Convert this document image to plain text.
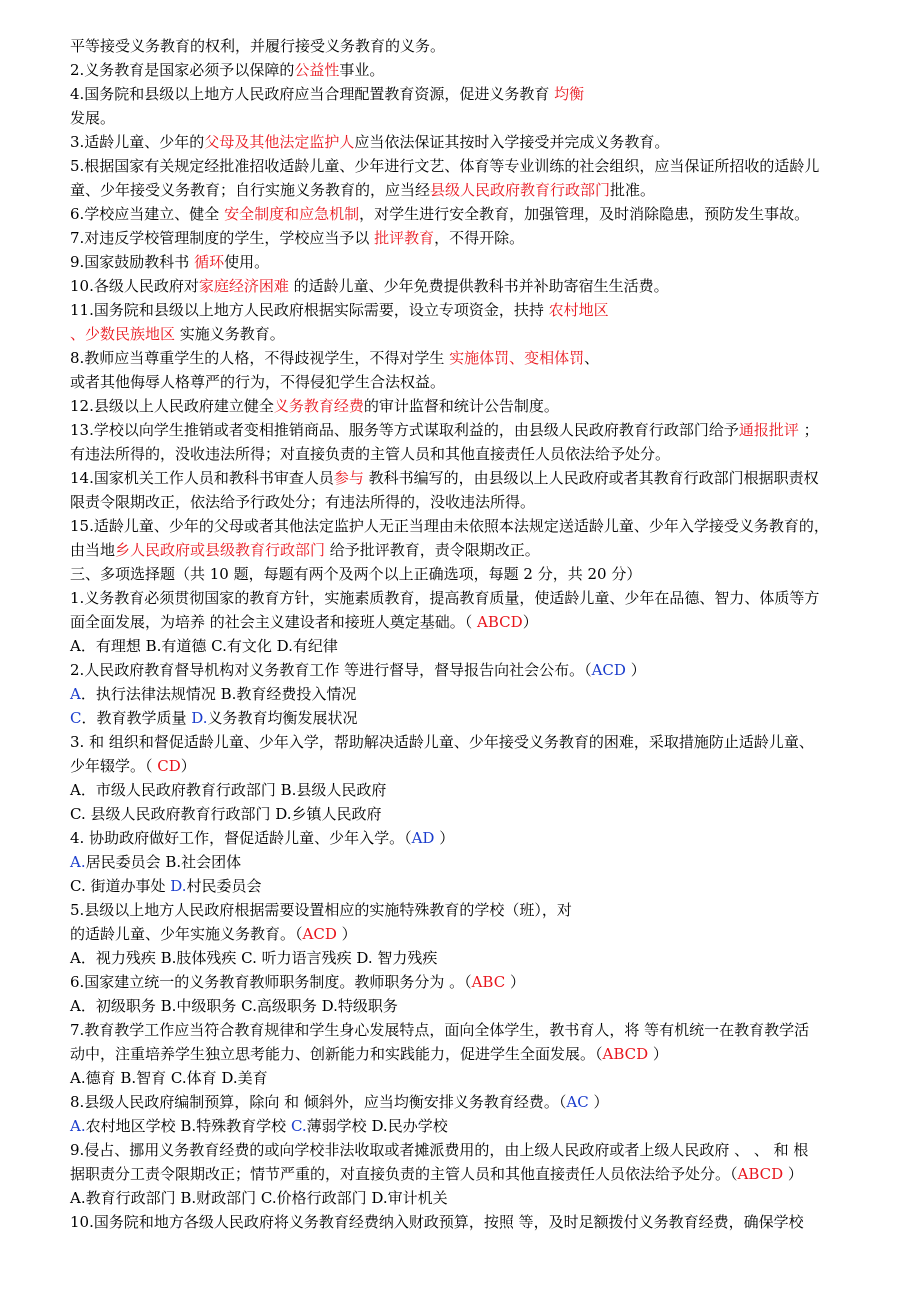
平等接受义务教育的权利，并履行接受义务教育的义务。

2.义务教育是国家必须予以保障的公益性事业。

4.国务院和县级以上地方人民政府应当合理配置教育资源，促进义务教育 均衡

发展。

3.适龄儿童、少年的父母及其他法定监护人应当依法保证其按时入学接受并完成义务教育。

5.根据国家有关规定经批准招收适龄儿童、少年进行文艺、体育等专业训练的社会组织，应当保证所招收的适龄儿

童、少年接受义务教育；自行实施义务教育的，应当经县级人民政府教育行政部门批准。

6.学校应当建立、健全 安全制度和应急机制，对学生进行安全教育，加强管理，及时消除隐患，预防发生事故。

7.对违反学校管理制度的学生，学校应当予以 批评教育，不得开除。

9.国家鼓励教科书 循环使用。

10.各级人民政府对家庭经济困难 的适龄儿童、少年免费提供教科书并补助寄宿生生活费。

11.国务院和县级以上地方人民政府根据实际需要，设立专项资金，扶持 农村地区

、少数民族地区 实施义务教育。

8.教师应当尊重学生的人格，不得歧视学生，不得对学生 实施体罚、变相体罚、

或者其他侮辱人格尊严的行为，不得侵犯学生合法权益。

12.县级以上人民政府建立健全义务教育经费的审计监督和统计公告制度。

13.学校以向学生推销或者变相推销商品、服务等方式谋取利益的，由县级人民政府教育行政部门给予通报批评 ；

有违法所得的，没收违法所得；对直接负责的主管人员和其他直接责任人员依法给予处分。

14.国家机关工作人员和教科书审查人员参与 教科书编写的，由县级以上人民政府或者其教育行政部门根据职责权

限责令限期改正，依法给予行政处分；有违法所得的，没收违法所得。

15.适龄儿童、少年的父母或者其他法定监护人无正当理由未依照本法规定送适龄儿童、少年入学接受义务教育的，

由当地乡人民政府或县级教育行政部门 给予批评教育，责令限期改正。

三、多项选择题（共 10 题，每题有两个及两个以上正确选项，每题 2 分，共 20 分）

1.义务教育必须贯彻国家的教育方针，实施素质教育，提高教育质量，使适龄儿童、少年在品德、智力、体质等方

面全面发展，为培养 的社会主义建设者和接班人奠定基础。（ ABCD）

A．有理想 B.有道德 C.有文化 D.有纪律

2.人民政府教育督导机构对义务教育工作 等进行督导，督导报告向社会公布。（ACD ）

A．执行法律法规情况 B.教育经费投入情况

C．教育教学质量 D.义务教育均衡发展状况

3. 和 组织和督促适龄儿童、少年入学，帮助解决适龄儿童、少年接受义务教育的困难，采取措施防止适龄儿童、

少年辍学。（ CD）

A．市级人民政府教育行政部门 B.县级人民政府

C. 县级人民政府教育行政部门 D.乡镇人民政府

4. 协助政府做好工作，督促适龄儿童、少年入学。（AD ）

A.居民委员会 B.社会团体

C. 街道办事处 D.村民委员会

5.县级以上地方人民政府根据需要设置相应的实施特殊教育的学校（班），对

的适龄儿童、少年实施义务教育。（ACD ）

A．视力残疾 B.肢体残疾 C. 听力语言残疾 D. 智力残疾

6.国家建立统一的义务教育教师职务制度。教师职务分为 。（ABC ）

A．初级职务 B.中级职务 C.高级职务 D.特级职务

7.教育教学工作应当符合教育规律和学生身心发展特点，面向全体学生，教书育人，将 等有机统一在教育教学活

动中，注重培养学生独立思考能力、创新能力和实践能力，促进学生全面发展。（ABCD ）

A.德育 B.智育 C.体育 D.美育

8.县级人民政府编制预算，除向 和 倾斜外，应当均衡安排义务教育经费。（AC ）

A.农村地区学校 B.特殊教育学校 C.薄弱学校 D.民办学校

9.侵占、挪用义务教育经费的或向学校非法收取或者摊派费用的，由上级人民政府或者上级人民政府 、 、 和 根

据职责分工责令限期改正；情节严重的，对直接负责的主管人员和其他直接责任人员依法给予处分。（ABCD ）

A.教育行政部门 B.财政部门 C.价格行政部门 D.审计机关

10.国务院和地方各级人民政府将义务教育经费纳入财政预算，按照 等，及时足额拨付义务教育经费，确保学校
